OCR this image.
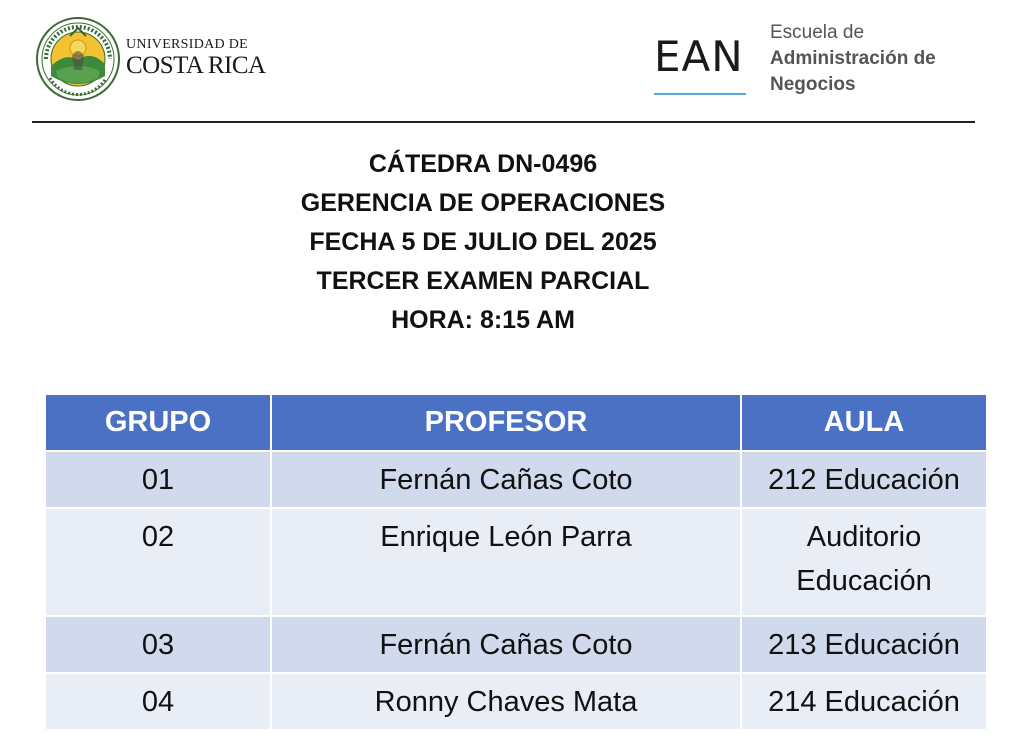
UNIVERSIDAD DE
COSTA RICA	EAN Escuela de
Administración de
Negocios
CÁTEDRA DN-0496
GERENCIA DE OPERACIONES
FECHA 5 DE JULIO DEL 2025
TERCER EXAMEN PARCIAL
HORA: 8:15 AM
GRUPO	PROFESOR	AULA
01	Fernán Cañas Coto	212 Educación
02	Enrique León Parra	Auditorio
Educación

03	Fernán Cañas Coto	213 Educación
04	Ronny Chaves Mata	214 Educación
